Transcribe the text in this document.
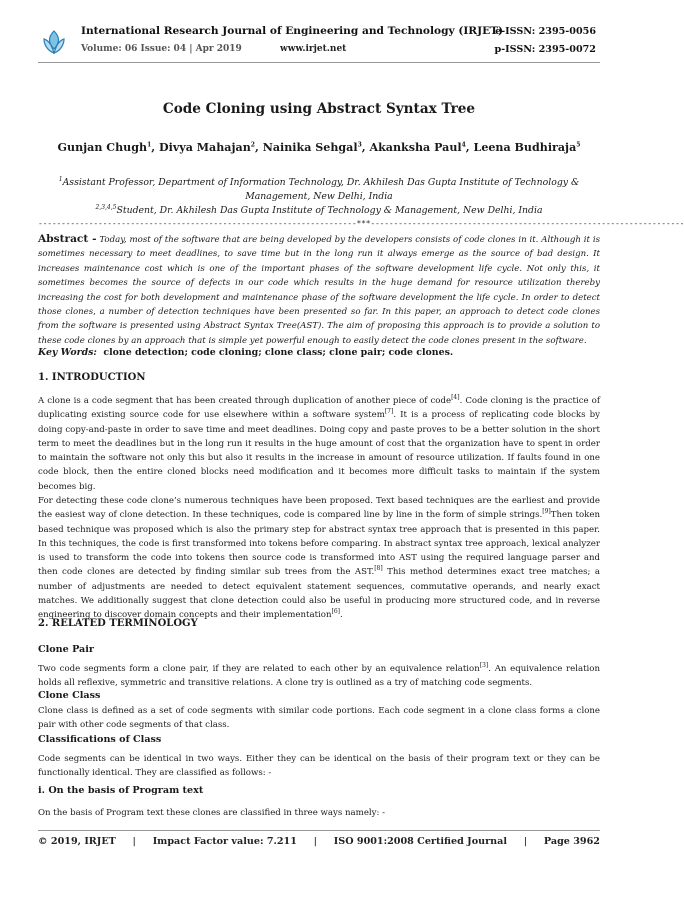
International Research Journal of Engineering and Technology (IRJET)
e-ISSN: 2395-0056
Volume: 06 Issue: 04 | Apr 2019	www.irjet.net	p-ISSN: 2395-0072
Code Cloning using Abstract Syntax Tree
Gunjan Chugh$^1$, Divya Mahajan$^2$, Nainika Sehgal$^3$, Akanksha Paul$^4$, Leena Budhiraja$^5$
$^1$Assistant Professor, Department of Information Technology, Dr. Akhilesh Das Gupta Institute of Technology & Management, New Delhi, India
$^{2,3,4,5}$Student, Dr. Akhilesh Das Gupta Institute of Technology & Management, New Delhi, India
---------------------------------------------------------------------***--------------------------------------------------------------------
Abstract - Today, most of the software that are being developed by the developers consists of code clones in it. Although it is sometimes necessary to meet deadlines, to save time but in the long run it always emerge as the source of bad design. It increases maintenance cost which is one of the important phases of the software development life cycle. Not only this, it sometimes becomes the source of defects in our code which results in the huge demand for resource utilization thereby increasing the cost for both development and maintenance phase of the software development the life cycle. In order to detect those clones, a number of detection techniques have been presented so far. In this paper, an approach to detect code clones from the software is presented using Abstract Syntax Tree(AST). The aim of proposing this approach is to provide a solution to these code clones by an approach that is simple yet powerful enough to easily detect the code clones present in the software.
Key Words: clone detection; code cloning; clone class; clone pair; code clones.
1. INTRODUCTION
A clone is a code segment that has been created through duplication of another piece of code[4]. Code cloning is the practice of duplicating existing source code for use elsewhere within a software system[7]. It is a process of replicating code blocks by doing copy-and-paste in order to save time and meet deadlines. Doing copy and paste proves to be a better solution in the short term to meet the deadlines but in the long run it results in the huge amount of cost that the organization have to spent in order to maintain the software not only this but also it results in the increase in amount of resource utilization. If faults found in one code block, then the entire cloned blocks need modification and it becomes more difficult tasks to maintain if the system becomes big.
For detecting these code clone’s numerous techniques have been proposed. Text based techniques are the earliest and provide the easiest way of clone detection. In these techniques, code is compared line by line in the form of simple strings.[9]Then token based technique was proposed which is also the primary step for abstract syntax tree approach that is presented in this paper. In this techniques, the code is first transformed into tokens before comparing. In abstract syntax tree approach, lexical analyzer is used to transform the code into tokens then source code is transformed into AST using the required language parser and then code clones are detected by finding similar sub trees from the AST.[8] This method determines exact tree matches; a number of adjustments are needed to detect equivalent statement sequences, commutative operands, and nearly exact matches. We additionally suggest that clone detection could also be useful in producing more structured code, and in reverse engineering to discover domain concepts and their implementation[6].
2. RELATED TERMINOLOGY
Clone Pair
Two code segments form a clone pair, if they are related to each other by an equivalence relation[3]. An equivalence relation holds all reflexive, symmetric and transitive relations. A clone try is outlined as a try of matching code segments.
Clone Class
Clone class is defined as a set of code segments with similar code portions. Each code segment in a clone class forms a clone pair with other code segments of that class.
Classifications of Class
Code segments can be identical in two ways. Either they can be identical on the basis of their program text or they can be functionally identical. They are classified as follows: -
i. On the basis of Program text
On the basis of Program text these clones are classified in three ways namely: -
© 2019, IRJET | Impact Factor value: 7.211 | ISO 9001:2008 Certified Journal | Page 3962
